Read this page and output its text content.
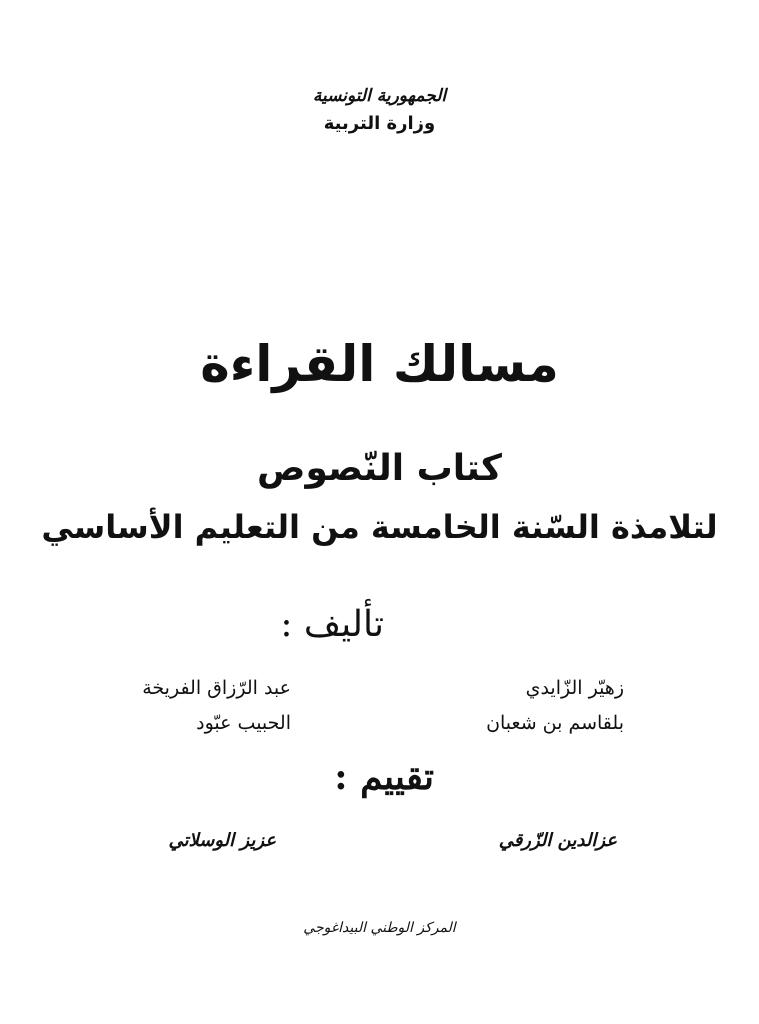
الجمهورية التونسية
وزارة التربية
مسالك القراءة
كتاب النّصوص
لتلامذة السّنة الخامسة من التعليم الأساسي
تأليف :
زهيّر الزّايدي
بلقاسم بن شعبان
عبد الرّزاق الفريخة
الحبيب عبّود
تقييم :
عزالدين الزّرقي
عزيز الوسلاتي
المركز الوطني البيداغوجي
